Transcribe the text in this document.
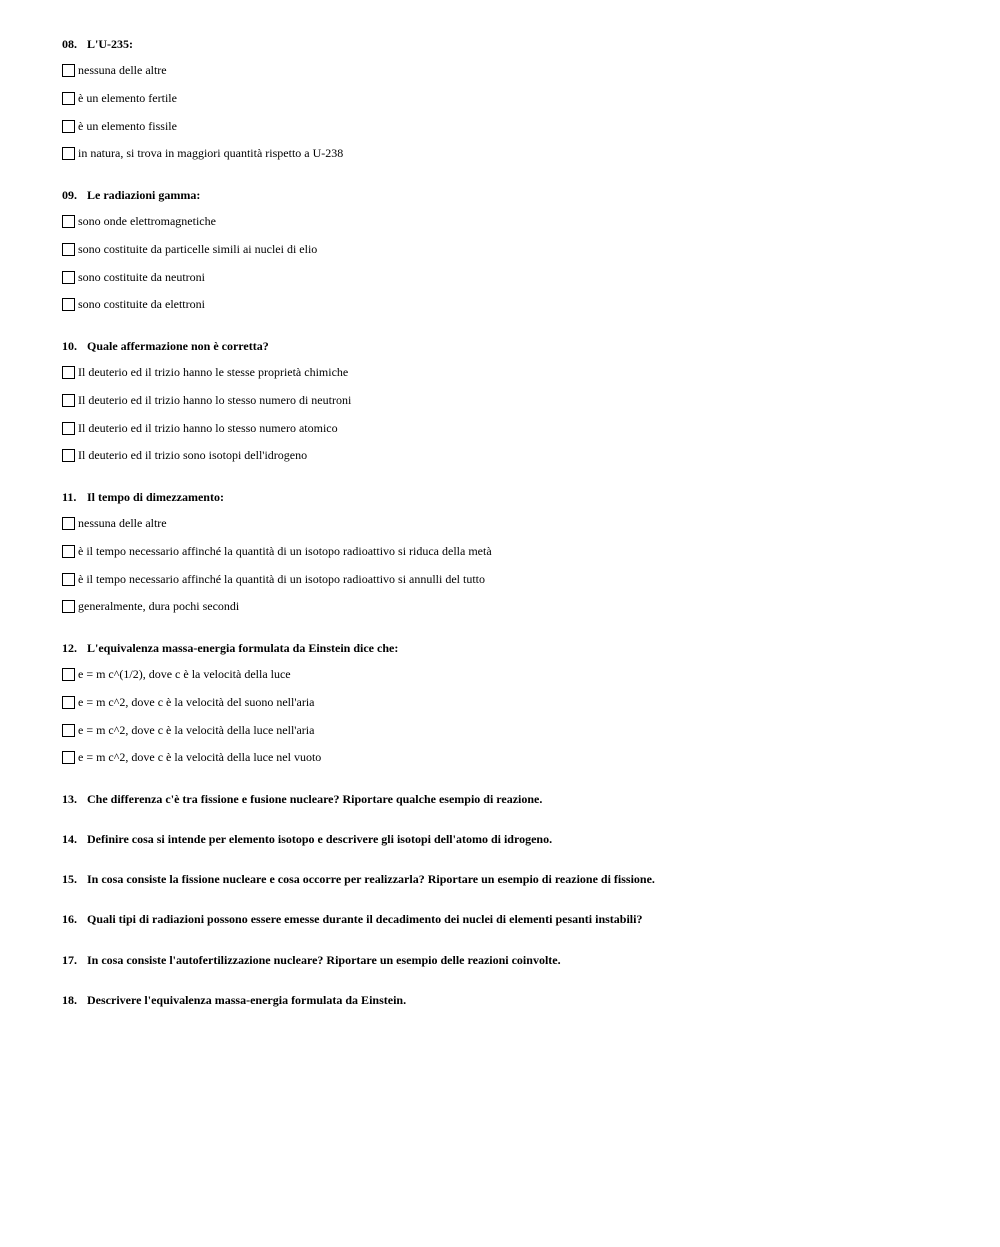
08. L'U-235:
nessuna delle altre
è un elemento fertile
è un elemento fissile
in natura, si trova in maggiori quantità rispetto a U-238
09. Le radiazioni gamma:
sono onde elettromagnetiche
sono costituite da particelle simili ai nuclei di elio
sono costituite da neutroni
sono costituite da elettroni
10. Quale affermazione non è corretta?
Il deuterio ed il trizio hanno le stesse proprietà chimiche
Il deuterio ed il trizio hanno lo stesso numero di neutroni
Il deuterio ed il trizio hanno lo stesso numero atomico
Il deuterio ed il trizio sono isotopi dell'idrogeno
11. Il tempo di dimezzamento:
nessuna delle altre
è il tempo necessario affinché la quantità di un isotopo radioattivo si riduca della metà
è il tempo necessario affinché la quantità di un isotopo radioattivo si annulli del tutto
generalmente, dura pochi secondi
12. L'equivalenza massa-energia formulata da Einstein dice che:
e = m c^(1/2), dove c è la velocità della luce
e = m c^2, dove c è la velocità del suono nell'aria
e = m c^2, dove c è la velocità della luce nell'aria
e = m c^2, dove c è la velocità della luce nel vuoto
13. Che differenza c'è tra fissione e fusione nucleare? Riportare qualche esempio di reazione.
14. Definire cosa si intende per elemento isotopo e descrivere gli isotopi dell'atomo di idrogeno.
15. In cosa consiste la fissione nucleare e cosa occorre per realizzarla? Riportare un esempio di reazione di fissione.
16. Quali tipi di radiazioni possono essere emesse durante il decadimento dei nuclei di elementi pesanti instabili?
17. In cosa consiste l'autofertilizzazione nucleare? Riportare un esempio delle reazioni coinvolte.
18. Descrivere l'equivalenza massa-energia formulata da Einstein.
